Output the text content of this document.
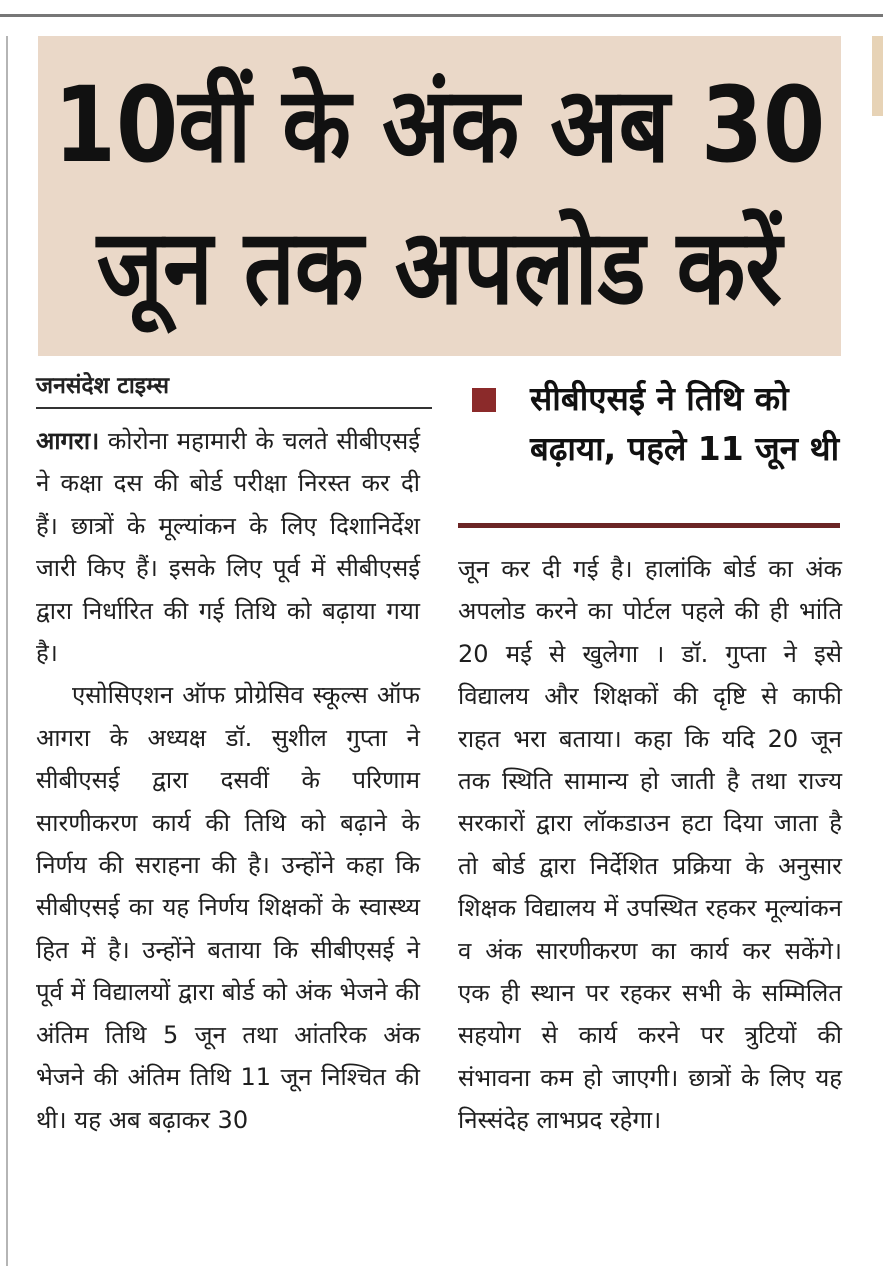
10वीं के अंक अब 30
जून तक अपलोड करें
जनसंदेश टाइम्स	सीबीएसई ने तिथि को बढ़ाया, पहले 11 जून थी

आगरा। कोरोना महामारी के चलते सीबीएसई ने कक्षा दस की बोर्ड परीक्षा निरस्त कर दी हैं। छात्रों के मूल्यांकन के लिए दिशानिर्देश जारी किए हैं। इसके लिए पूर्व में सीबीएसई द्वारा निर्धारित की गई तिथि को बढ़ाया गया है।

एसोसिएशन ऑफ प्रोग्रेसिव स्कूल्स ऑफ आगरा के अध्यक्ष डॉ. सुशील गुप्ता ने सीबीएसई द्वारा दसवीं के परिणाम सारणीकरण कार्य की तिथि को बढ़ाने के निर्णय की सराहना की है। उन्होंने कहा कि सीबीएसई का यह निर्णय शिक्षकों के स्वास्थ्य हित में है। उन्होंने बताया कि सीबीएसई ने पूर्व में विद्यालयों द्वारा बोर्ड को अंक भेजने की अंतिम तिथि 5 जून तथा आंतरिक अंक भेजने की अंतिम तिथि 11 जून निश्चित की थी। यह अब बढ़ाकर 30

जून कर दी गई है। हालांकि बोर्ड का अंक अपलोड करने का पोर्टल पहले की ही भांति 20 मई से खुलेगा । डॉ. गुप्ता ने इसे विद्यालय और शिक्षकों की दृष्टि से काफी राहत भरा बताया। कहा कि यदि 20 जून तक स्थिति सामान्य हो जाती है तथा राज्य सरकारों द्वारा लॉकडाउन हटा दिया जाता है तो बोर्ड द्वारा निर्देशित प्रक्रिया के अनुसार शिक्षक विद्यालय में उपस्थित रहकर मूल्यांकन व अंक सारणीकरण का कार्य कर सकेंगे। एक ही स्थान पर रहकर सभी के सम्मिलित सहयोग से कार्य करने पर त्रुटियों की संभावना कम हो जाएगी। छात्रों के लिए यह निस्संदेह लाभप्रद रहेगा।
